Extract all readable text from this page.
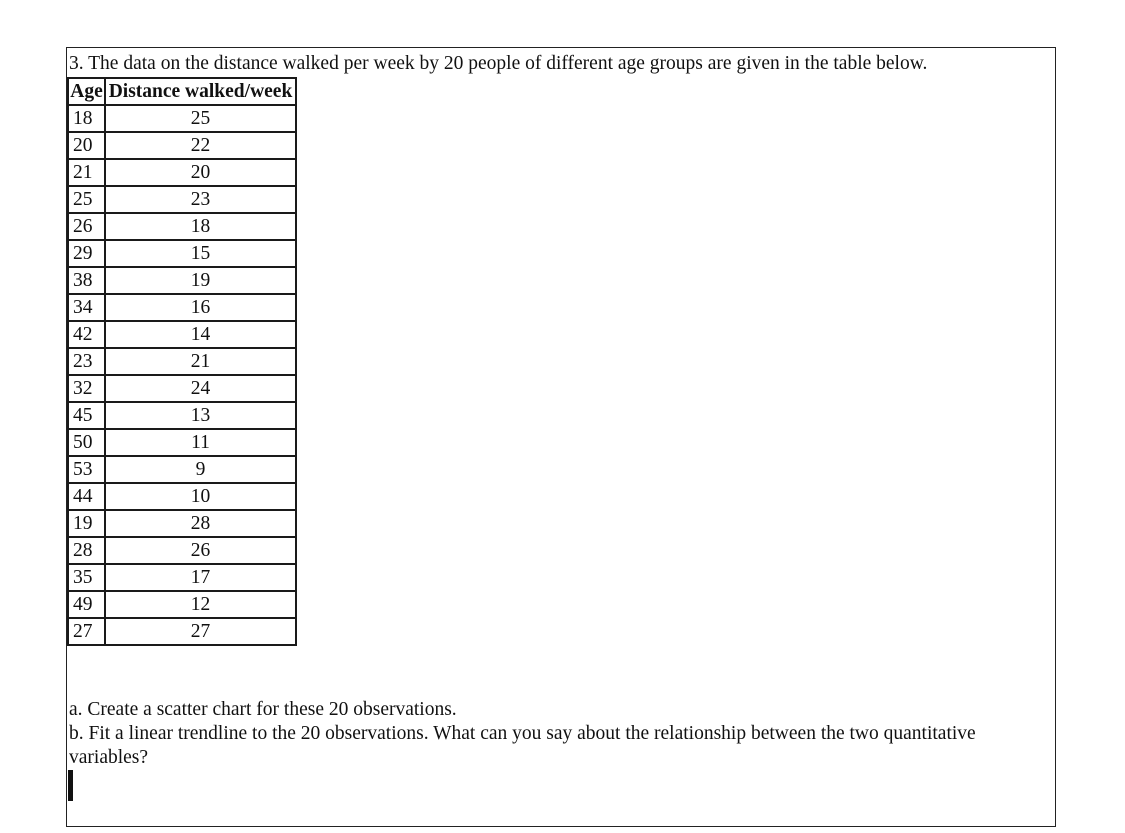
3. The data on the distance walked per week by 20 people of different age groups are given in the table below.
Age	Distance walked/week
18	25
20	22
21	20
25	23
26	18
29	15
38	19
34	16
42	14
23	21
32	24
45	13
50	11
53	9
44	10
19	28
28	26
35	17
49	12
27	27
a. Create a scatter chart for these 20 observations.
b. Fit a linear trendline to the 20 observations. What can you say about the relationship between the two quantitative variables?
